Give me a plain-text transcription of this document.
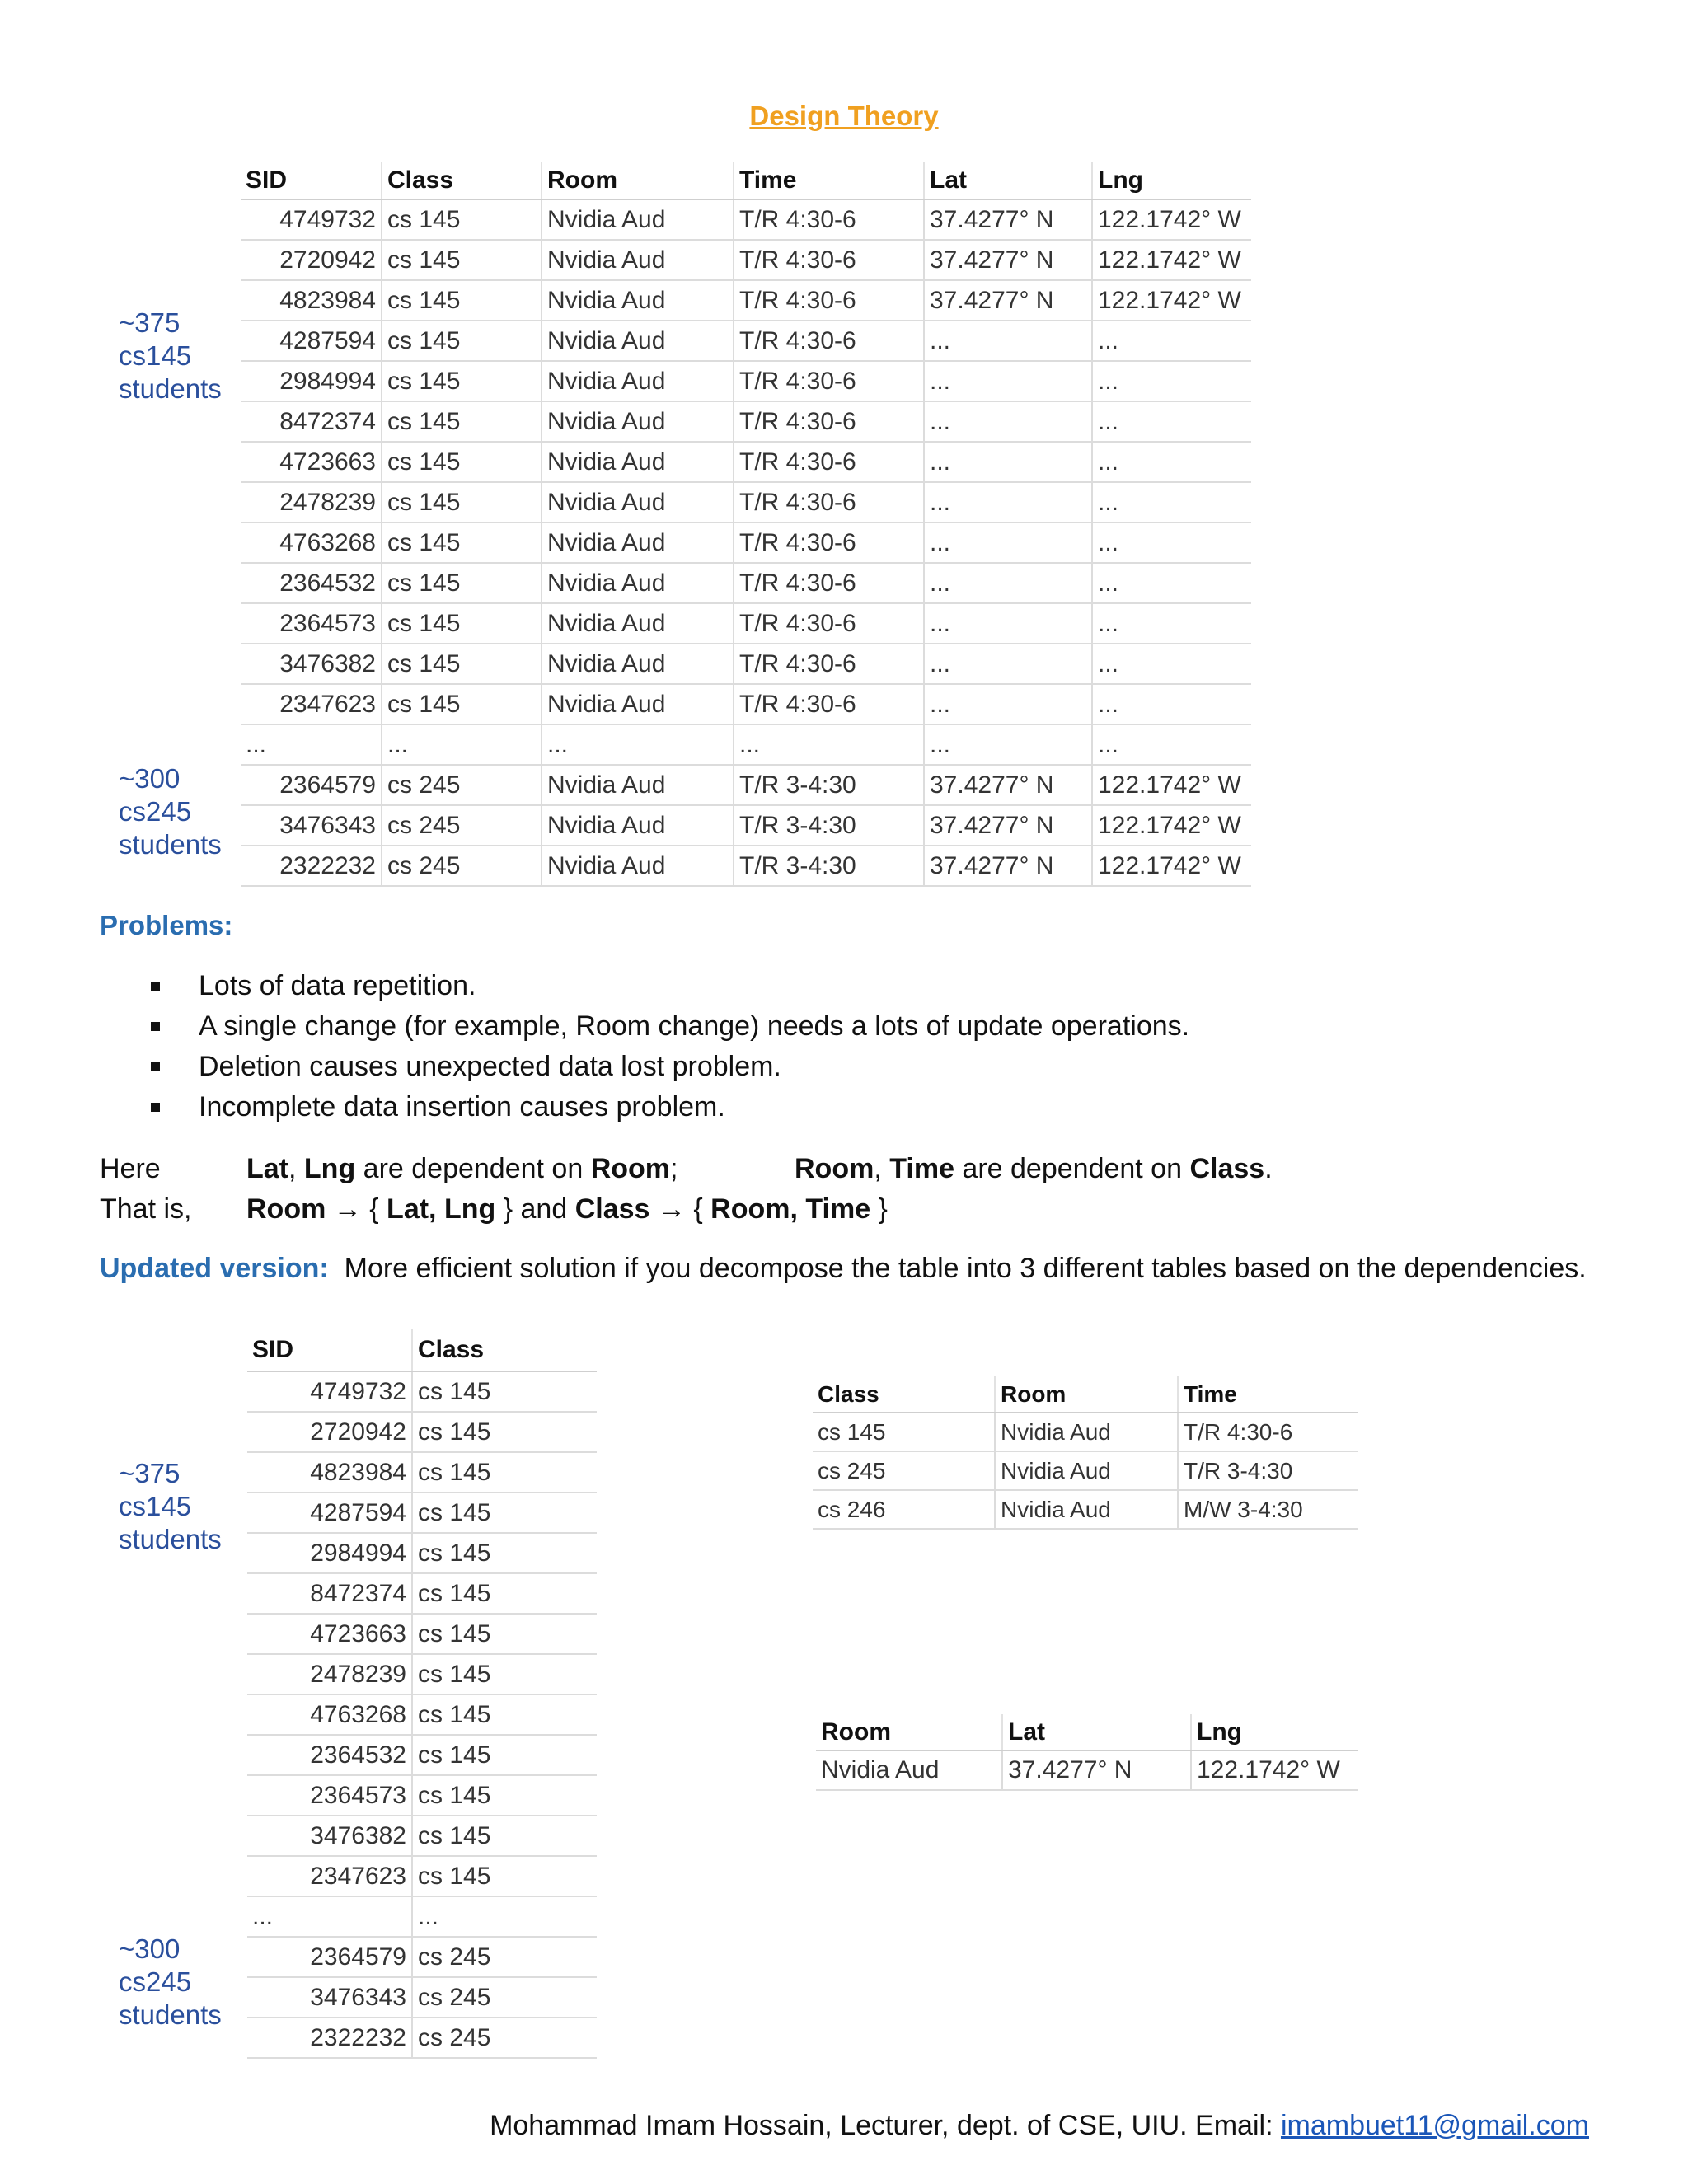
Design Theory
SID	Class	Room	Time	Lat	Lng
4749732	cs 145	Nvidia Aud	T/R 4:30-6	37.4277° N	122.1742° W
2720942	cs 145	Nvidia Aud	T/R 4:30-6	37.4277° N	122.1742° W
4823984	cs 145	Nvidia Aud	T/R 4:30-6	37.4277° N	122.1742° W
4287594	cs 145	Nvidia Aud	T/R 4:30-6	...	...
2984994	cs 145	Nvidia Aud	T/R 4:30-6	...	...
8472374	cs 145	Nvidia Aud	T/R 4:30-6	...	...
4723663	cs 145	Nvidia Aud	T/R 4:30-6	...	...
2478239	cs 145	Nvidia Aud	T/R 4:30-6	...	...
4763268	cs 145	Nvidia Aud	T/R 4:30-6	...	...
2364532	cs 145	Nvidia Aud	T/R 4:30-6	...	...
2364573	cs 145	Nvidia Aud	T/R 4:30-6	...	...
3476382	cs 145	Nvidia Aud	T/R 4:30-6	...	...
2347623	cs 145	Nvidia Aud	T/R 4:30-6	...	...
...	...	...	...	...	...
2364579	cs 245	Nvidia Aud	T/R 3-4:30	37.4277° N	122.1742° W
3476343	cs 245	Nvidia Aud	T/R 3-4:30	37.4277° N	122.1742° W
2322232	cs 245	Nvidia Aud	T/R 3-4:30	37.4277° N	122.1742° W
~375
cs145
students
~300
cs245
students
Problems:
Lots of data repetition.
A single change (for example, Room change) needs a lots of update operations.
Deletion causes unexpected data lost problem.
Incomplete data insertion causes problem.
Here	Lat, Lng are dependent on Room;	Room, Time are dependent on Class.
That is, Room → { Lat, Lng } and Class → { Room, Time }
Updated version: More efficient solution if you decompose the table into 3 different tables based on the dependencies.
SID	Class
4749732	cs 145
2720942	cs 145
4823984	cs 145
4287594	cs 145
2984994	cs 145
8472374	cs 145
4723663	cs 145
2478239	cs 145
4763268	cs 145
2364532	cs 145
2364573	cs 145
3476382	cs 145
2347623	cs 145
...	...
2364579	cs 245
3476343	cs 245
2322232	cs 245
~375
cs145
students
~300
cs245
students
Class	Room	Time
cs 145	Nvidia Aud	T/R 4:30-6
cs 245	Nvidia Aud	T/R 3-4:30
cs 246	Nvidia Aud	M/W 3-4:30
Room	Lat	Lng
Nvidia Aud	37.4277° N	122.1742° W
Mohammad Imam Hossain, Lecturer, dept. of CSE, UIU. Email: imambuet11@gmail.com
